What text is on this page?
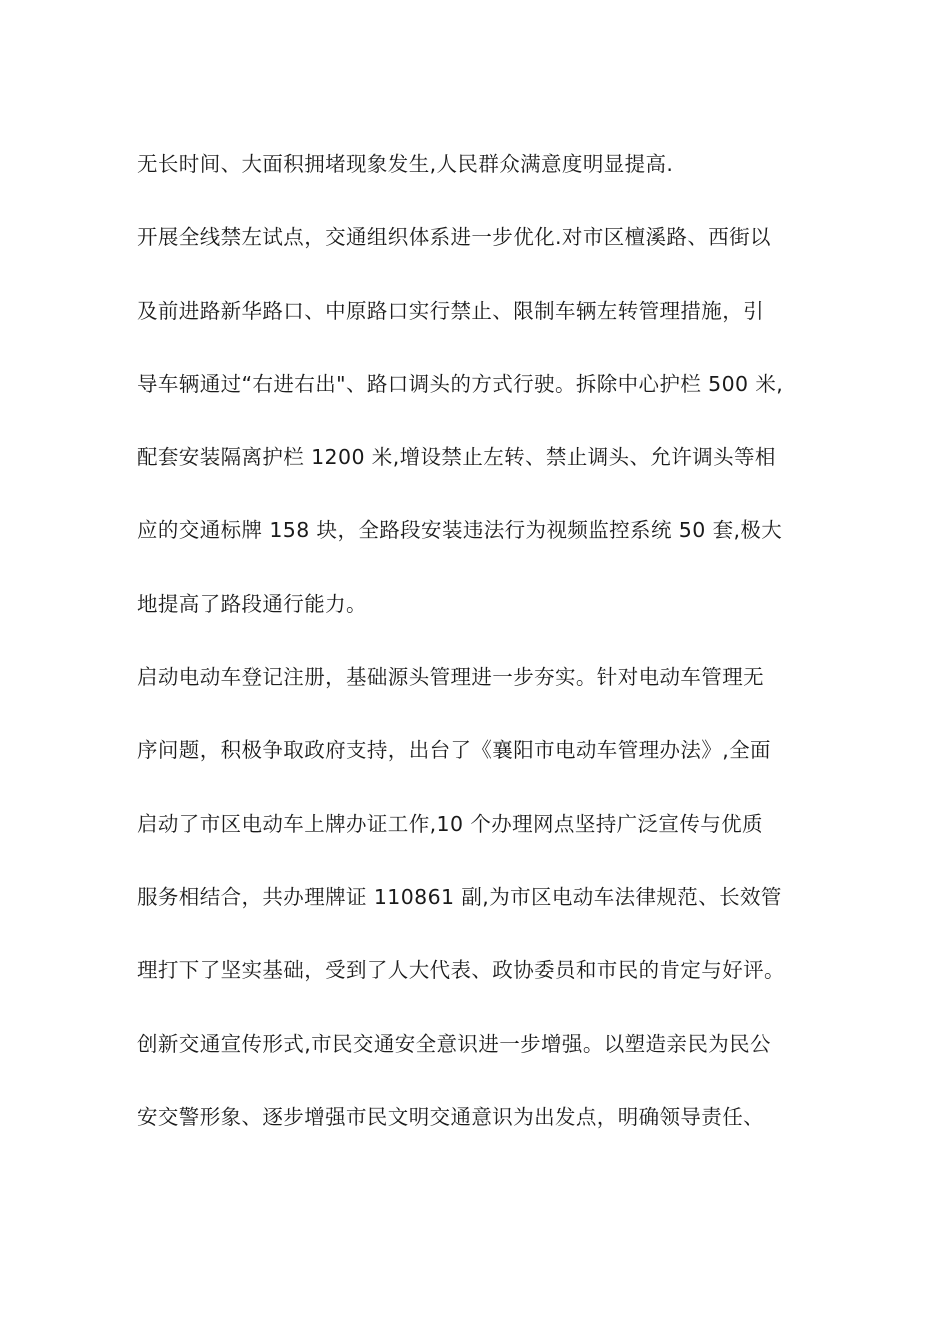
无长时间、大面积拥堵现象发生,人民群众满意度明显提高.
开展全线禁左试点，交通组织体系进一步优化.对市区檀溪路、西街以
及前进路新华路口、中原路口实行禁止、限制车辆左转管理措施，引
导车辆通过“右进右出"、路口调头的方式行驶。拆除中心护栏 500 米,
配套安装隔离护栏 1200 米,增设禁止左转、禁止调头、允许调头等相
应的交通标牌 158 块，全路段安装违法行为视频监控系统 50 套,极大
地提高了路段通行能力。
启动电动车登记注册，基础源头管理进一步夯实。针对电动车管理无
序问题，积极争取政府支持，出台了《襄阳市电动车管理办法》,全面
启动了市区电动车上牌办证工作,10 个办理网点坚持广泛宣传与优质
服务相结合，共办理牌证 110861 副,为市区电动车法律规范、长效管
理打下了坚实基础，受到了人大代表、政协委员和市民的肯定与好评。
创新交通宣传形式,市民交通安全意识进一步增强。以塑造亲民为民公
安交警形象、逐步增强市民文明交通意识为出发点，明确领导责任、
